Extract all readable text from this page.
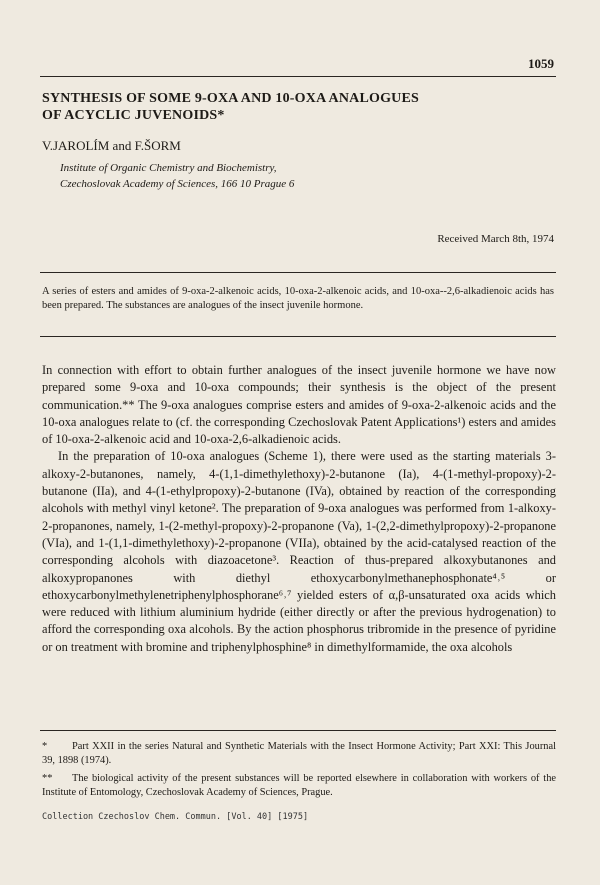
1059
SYNTHESIS OF SOME 9-OXA AND 10-OXA ANALOGUES
OF ACYCLIC JUVENOIDS*
V.JAROLÍM and F.ŠORM
Institute of Organic Chemistry and Biochemistry,
Czechoslovak Academy of Sciences, 166 10 Prague 6
Received March 8th, 1974
A series of esters and amides of 9-oxa-2-alkenoic acids, 10-oxa-2-alkenoic acids, and 10-oxa--2,6-alkadienoic acids has been prepared. The substances are analogues of the insect juvenile hormone.

In connection with effort to obtain further analogues of the insect juvenile hormone we have now prepared some 9-oxa and 10-oxa compounds; their synthesis is the object of the present communication.** The 9-oxa analogues comprise esters and amides of 9-oxa-2-alkenoic acids and the 10-oxa analogues relate to (cf. the corresponding Czechoslovak Patent Applications¹) esters and amides of 10-oxa-2-alkenoic acid and 10-oxa-2,6-alkadienoic acids.

In the preparation of 10-oxa analogues (Scheme 1), there were used as the starting materials 3-alkoxy-2-butanones, namely, 4-(1,1-dimethylethoxy)-2-butanone (Ia), 4-(1-methyl-propoxy)-2-butanone (IIa), and 4-(1-ethylpropoxy)-2-butanone (IVa), obtained by reaction of the corresponding alcohols with methyl vinyl ketone². The preparation of 9-oxa analogues was performed from 1-alkoxy-2-propanones, namely, 1-(2-methyl-propoxy)-2-propanone (Va), 1-(2,2-dimethylpropoxy)-2-propanone (VIa), and 1-(1,1-dimethylethoxy)-2-propanone (VIIa), obtained by the acid-catalysed reaction of the corresponding alcohols with diazoacetone³. Reaction of thus-prepared alkoxybutanones and alkoxypropanones with diethyl ethoxycarbonylmethanephosphonate⁴˒⁵ or ethoxycarbonylmethylenetriphenylphosphorane⁶˒⁷ yielded esters of α,β-unsaturated oxa acids which were reduced with lithium aluminium hydride (either directly or after the previous hydrogenation) to afford the corresponding oxa alcohols. By the action phosphorus tribromide in the presence of pyridine or on treatment with bromine and triphenylphosphine⁸ in dimethylformamide, the oxa alcohols

* Part XXII in the series Natural and Synthetic Materials with the Insect Hormone Activity; Part XXI: This Journal 39, 1898 (1974).
** The biological activity of the present substances will be reported elsewhere in collaboration with workers of the Institute of Entomology, Czechoslovak Academy of Sciences, Prague.
Collection Czechoslov Chem. Commun. [Vol. 40] [1975]
